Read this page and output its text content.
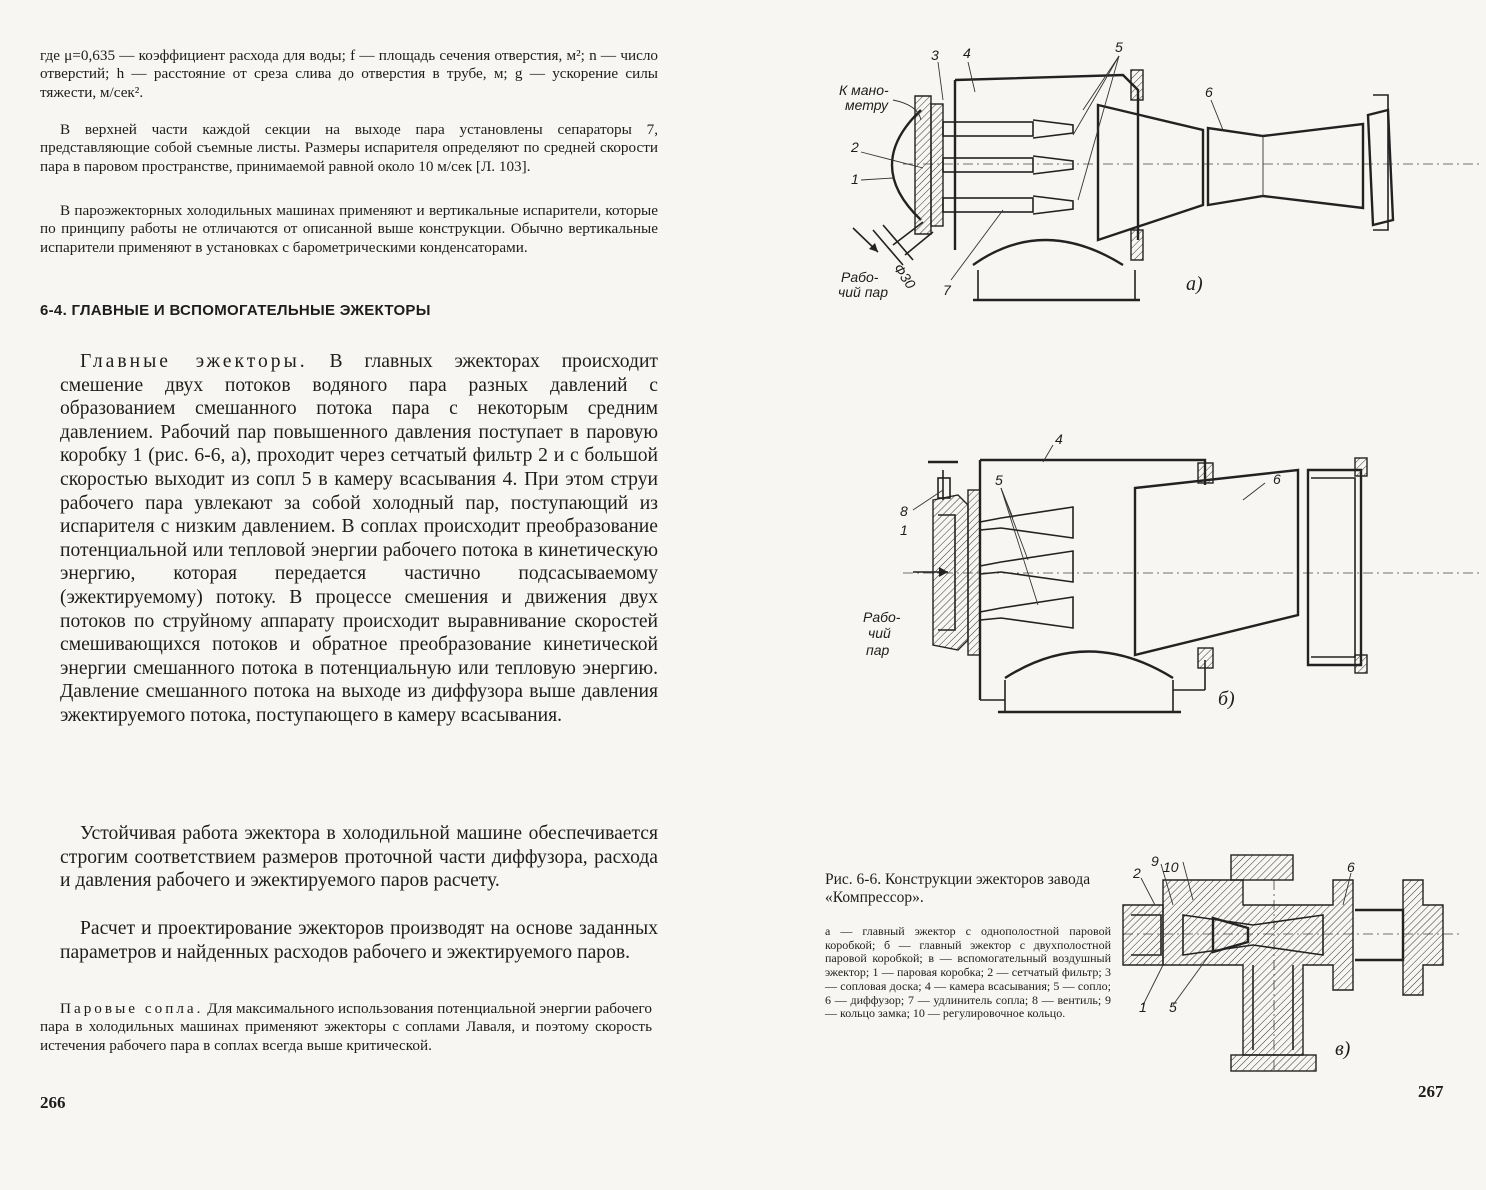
где μ=0,635 — коэффициент расхода для воды; f — площадь сечения отверстия, м²; n — число отверстий; h — расстояние от среза слива до отверстия в трубе, м; g — ускорение силы тяжести, м/сек².

В верхней части каждой секции на выходе пара установлены сепараторы 7, представляющие собой съемные листы. Размеры испарителя определяют по средней скорости пара в паровом пространстве, принимаемой равной около 10 м/сек [Л. 103].

В пароэжекторных холодильных машинах применяют и вертикальные испарители, которые по принципу работы не отличаются от описанной выше конструкции. Обычно вертикальные испарители применяют в установках с барометрическими конденсаторами.

6-4. ГЛАВНЫЕ И ВСПОМОГАТЕЛЬНЫЕ ЭЖЕКТОРЫ

Главные эжекторы. В главных эжекторах происходит смешение двух потоков водяного пара разных давлений с образованием смешанного потока пара с некоторым средним давлением. Рабочий пар повышенного давления поступает в паровую коробку 1 (рис. 6-6, а), проходит через сетчатый фильтр 2 и с большой скоростью выходит из сопл 5 в камеру всасывания 4. При этом струи рабочего пара увлекают за собой холодный пар, поступающий из испарителя с низким давлением. В соплах происходит преобразование потенциальной или тепловой энергии рабочего потока в кинетическую энергию, которая передается частично подсасываемому (эжектируемому) потоку. В процессе смешения и движения двух потоков по струйному аппарату происходит выравнивание скоростей смешивающихся потоков и обратное преобразование кинетической энергии смешанного потока в потенциальную или тепловую энергию. Давление смешанного потока на выходе из диффузора выше давления эжектируемого потока, поступающего в камеру всасывания.

Устойчивая работа эжектора в холодильной машине обеспечивается строгим соответствием размеров проточной части диффузора, расхода и давления рабочего и эжектируемого паров расчету.

Расчет и проектирование эжекторов производят на основе заданных параметров и найденных расходов рабочего и эжектируемого паров.

Паровые сопла. Для максимального использования потенциальной энергии рабочего пара в холодильных машинах применяют эжекторы с соплами Лаваля, и поэтому скорость истечения рабочего пара в соплах всегда выше критической.

266
3 4	5
6
2
1
7
К мано-
метру
Рабо-
чий пар
Ф30	а)
4
5	6
8
1
Рабо-
чий
пар
б)
9 10
2	6
1 5
в)
Рис. 6-6. Конструкции эжекторов завода «Компрессор».
а — главный эжектор с однополостной паровой коробкой; б — главный эжектор с двухполостной паровой коробкой; в — вспомогательный воздушный эжектор; 1 — паровая коробка; 2 — сетчатый фильтр; 3 — сопловая доска; 4 — камера всасывания; 5 — сопло; 6 — диффузор; 7 — удлинитель сопла; 8 — вентиль; 9 — кольцо замка; 10 — регулировочное кольцо.
267
